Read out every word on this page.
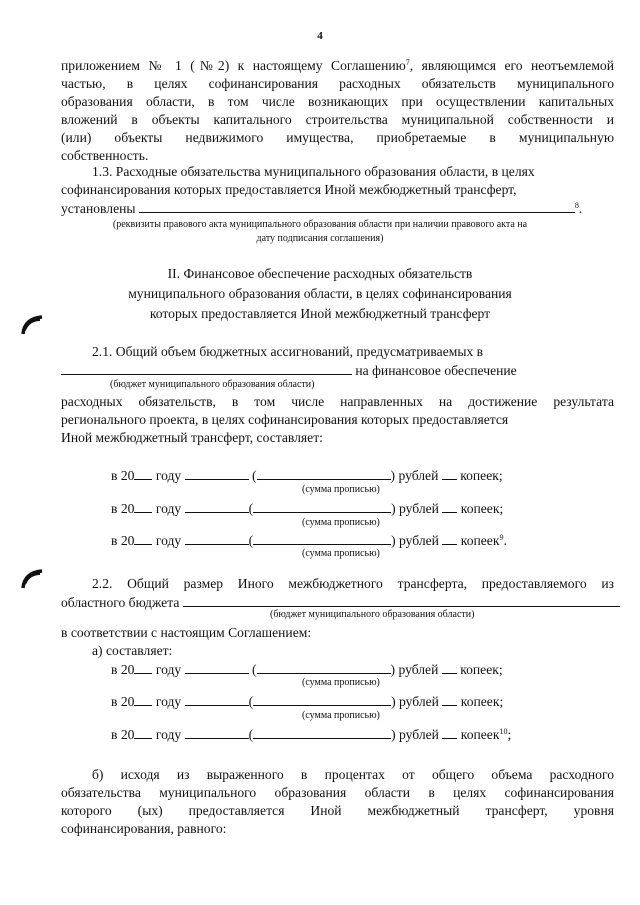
4
приложением № 1 (№2) к настоящему Соглашению$^7$, являющимся его неотъемлемой
частью, в целях софинансирования расходных обязательств муниципального
образования области, в том числе возникающих при осуществлении капитальных
вложений в объекты капитального строительства муниципальной собственности и
(или) объекты недвижимого имущества, приобретаемые в муниципальную
собственность.
1.3. Расходные обязательства муниципального образования области, в целях
софинансирования которых предоставляется Иной межбюджетный трансферт,
установлены	$^8$.
(реквизиты правового акта муниципального образования области при наличии правового акта на
дату подписания соглашения)
II. Финансовое обеспечение расходных обязательств
муниципального образования области, в целях софинансирования
которых предоставляется Иной межбюджетный трансферт
2.1. Общий объем бюджетных ассигнований, предусматриваемых в
на финансовое обеспечение
(бюджет муниципального образования области)
расходных обязательств, в том числе направленных на достижение результата
регионального проекта, в целях софинансирования которых предоставляется
Иной межбюджетный трансферт, составляет:
в 20 году	(	) рублей копеек;
(сумма прописью)
в 20 году	(	) рублей копеек;
(сумма прописью)
в 20 году	(	) рублей копеек$^9$.
(сумма прописью)
2.2. Общий размер Иного межбюджетного трансферта, предоставляемого из
областного бюджета
(бюджет муниципального образования области)
в соответствии с настоящим Соглашением:
а) составляет:
в 20 году	(	) рублей копеек;
(сумма прописью)
в 20 году	(	) рублей копеек;
(сумма прописью)
в 20 году	(	) рублей копеек$^{10}$;
б) исходя из выраженного в процентах от общего объема расходного
обязательства муниципального образования области в целях софинансирования
которого (ых) предоставляется Иной межбюджетный трансферт, уровня
софинансирования, равного:
